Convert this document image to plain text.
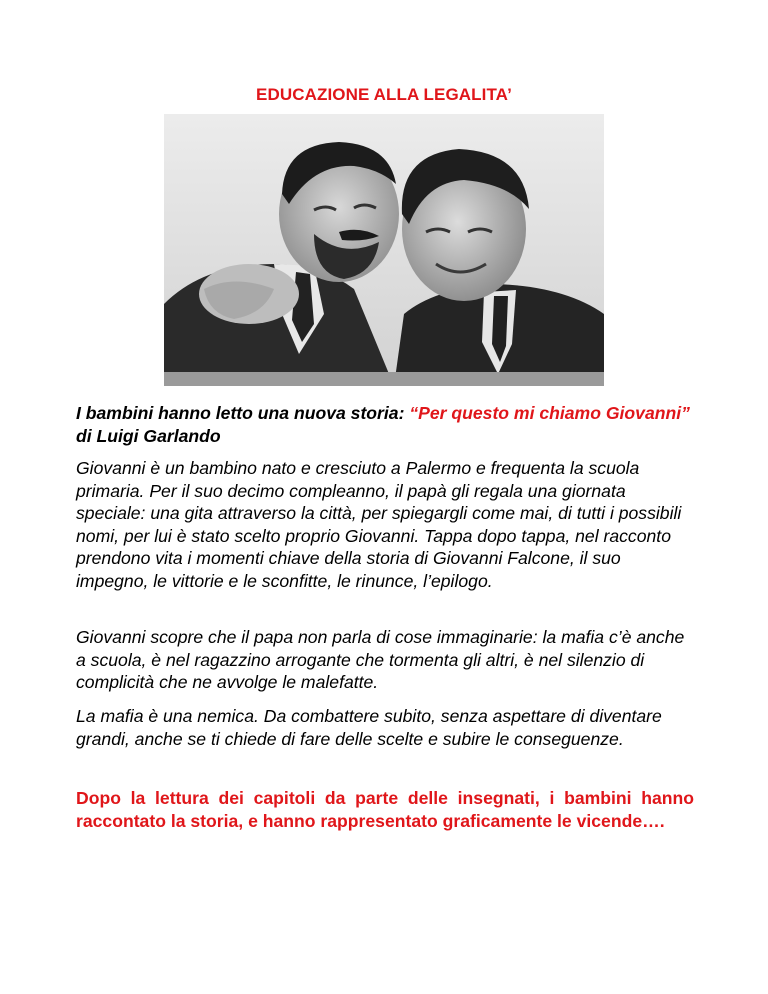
EDUCAZIONE ALLA LEGALITA’
I bambini hanno letto una nuova storia: “Per questo mi chiamo Giovanni” di Luigi Garlando
Giovanni è un bambino nato e cresciuto a Palermo e frequenta la scuola primaria. Per il suo decimo compleanno, il papà gli regala una giornata speciale: una gita attraverso la città, per spiegargli come mai, di tutti i possibili nomi, per lui è stato scelto proprio Giovanni. Tappa dopo tappa, nel racconto prendono vita i momenti chiave della storia di Giovanni Falcone, il suo impegno, le vittorie e le sconfitte, le rinunce, l’epilogo.
Giovanni scopre che il papa non parla di cose immaginarie: la mafia c’è anche a scuola, è nel ragazzino arrogante che tormenta gli altri, è nel silenzio di complicità che ne avvolge le malefatte.
La mafia è una nemica. Da combattere subito, senza aspettare di diventare grandi, anche se ti chiede di fare delle scelte e subire le conseguenze.
Dopo la lettura dei capitoli da parte delle insegnati, i bambini hanno raccontato la storia, e hanno rappresentato graficamente le vicende….
